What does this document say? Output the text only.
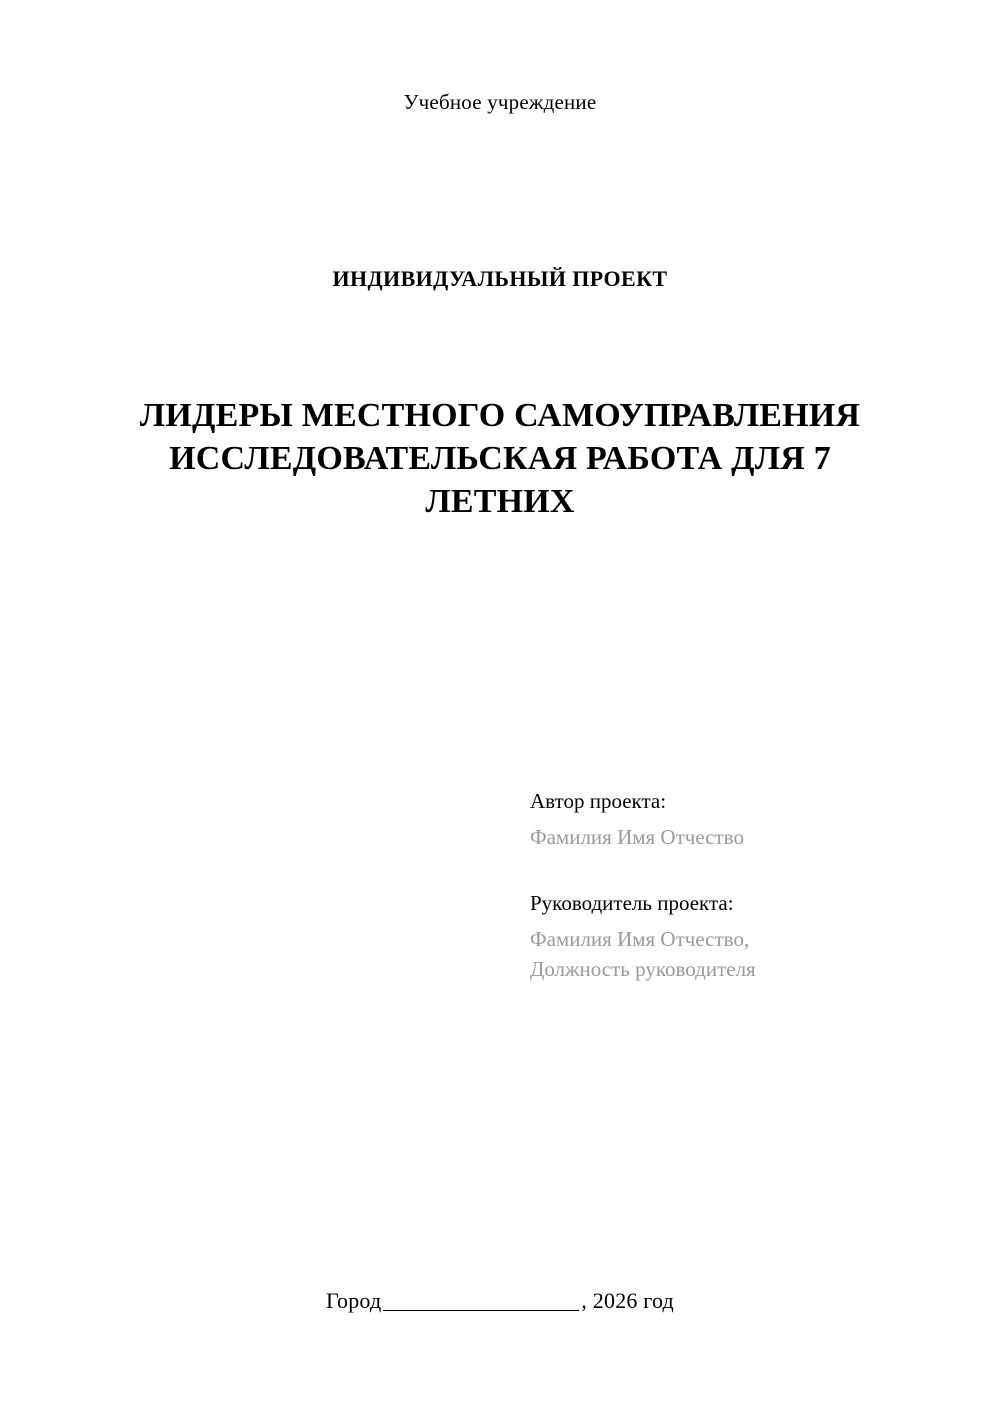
Учебное учреждение
ИНДИВИДУАЛЬНЫЙ ПРОЕКТ
ЛИДЕРЫ МЕСТНОГО САМОУПРАВЛЕНИЯ ИССЛЕДОВАТЕЛЬСКАЯ РАБОТА ДЛЯ 7 ЛЕТНИХ
Автор проекта:
Фамилия Имя Отчество
Руководитель проекта:
Фамилия Имя Отчество,
Должность руководителя
Город	, 2026 год
